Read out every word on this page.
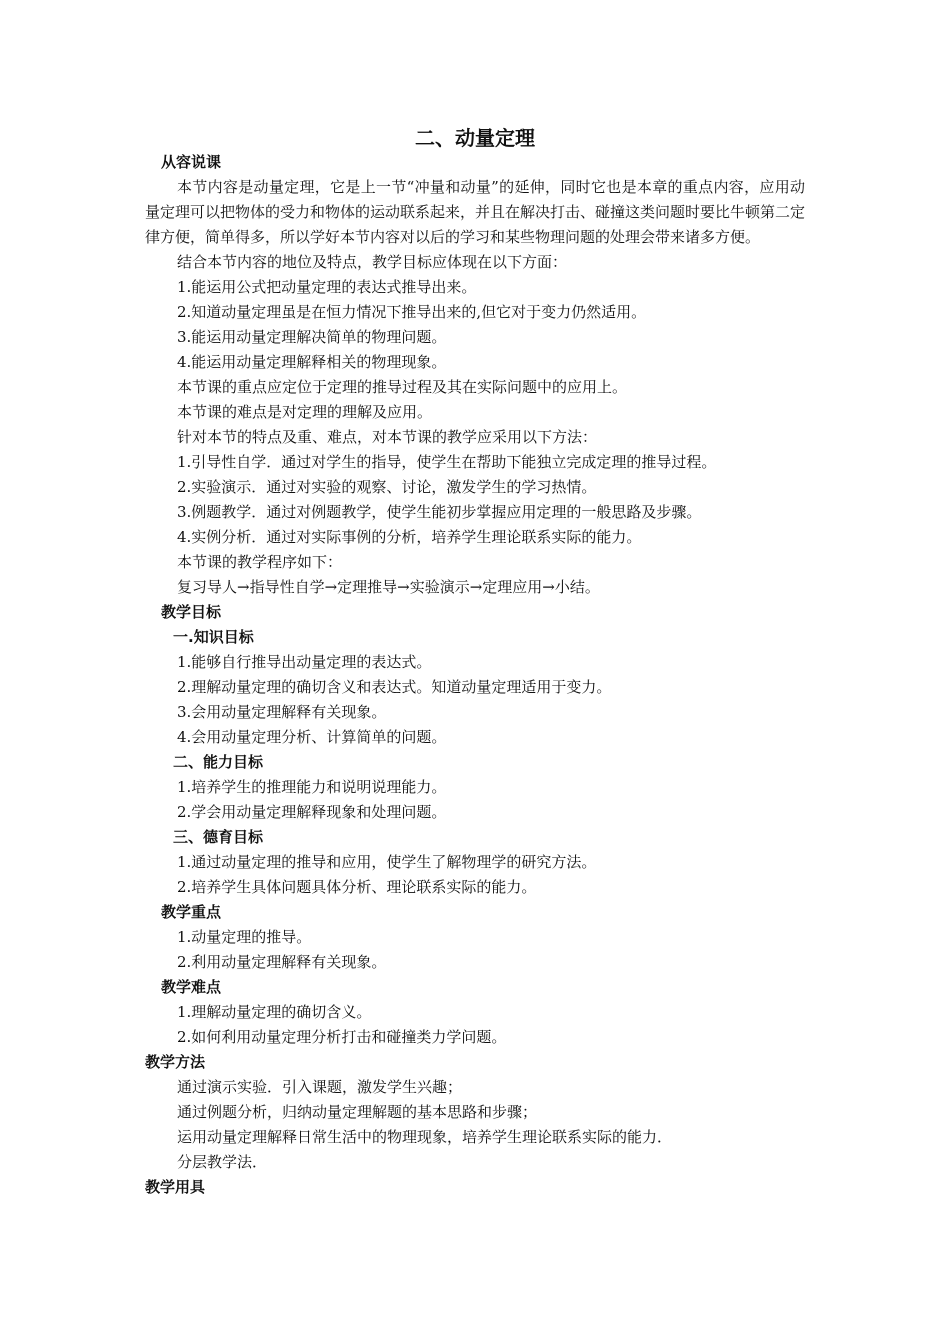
二、动量定理
从容说课
本节内容是动量定理，它是上一节“冲量和动量”的延伸，同时它也是本章的重点内容，应用动量定理可以把物体的受力和物体的运动联系起来，并且在解决打击、碰撞这类问题时要比牛顿第二定律方便，简单得多，所以学好本节内容对以后的学习和某些物理问题的处理会带来诸多方便。
结合本节内容的地位及特点，教学目标应体现在以下方面：
1.能运用公式把动量定理的表达式推导出来。
2.知道动量定理虽是在恒力情况下推导出来的,但它对于变力仍然适用。
3.能运用动量定理解决简单的物理问题。
4.能运用动量定理解释相关的物理现象。
本节课的重点应定位于定理的推导过程及其在实际问题中的应用上。
本节课的难点是对定理的理解及应用。
针对本节的特点及重、难点，对本节课的教学应采用以下方法：
1.引导性自学．通过对学生的指导，使学生在帮助下能独立完成定理的推导过程。
2.实验演示．通过对实验的观察、讨论，激发学生的学习热情。
3.例题教学．通过对例题教学，使学生能初步掌握应用定理的一般思路及步骤。
4.实例分析．通过对实际事例的分析，培养学生理论联系实际的能力。
本节课的教学程序如下：
复习导人→指导性自学→定理推导→实验演示→定理应用→小结。
教学目标
一.知识目标
1.能够自行推导出动量定理的表达式。
2.理解动量定理的确切含义和表达式。知道动量定理适用于变力。
3.会用动量定理解释有关现象。
4.会用动量定理分析、计算简单的问题。
二、能力目标
1.培养学生的推理能力和说明说理能力。
2.学会用动量定理解释现象和处理问题。
三、德育目标
1.通过动量定理的推导和应用，使学生了解物理学的研究方法。
2.培养学生具体问题具体分析、理论联系实际的能力。
教学重点
1.动量定理的推导。
2.利用动量定理解释有关现象。
教学难点
1.理解动量定理的确切含义。
2.如何利用动量定理分析打击和碰撞类力学问题。
教学方法
通过演示实验．引入课题，激发学生兴趣；
通过例题分析，归纳动量定理解题的基本思路和步骤；
运用动量定理解释日常生活中的物理现象，培养学生理论联系实际的能力．
分层教学法．
教学用具
